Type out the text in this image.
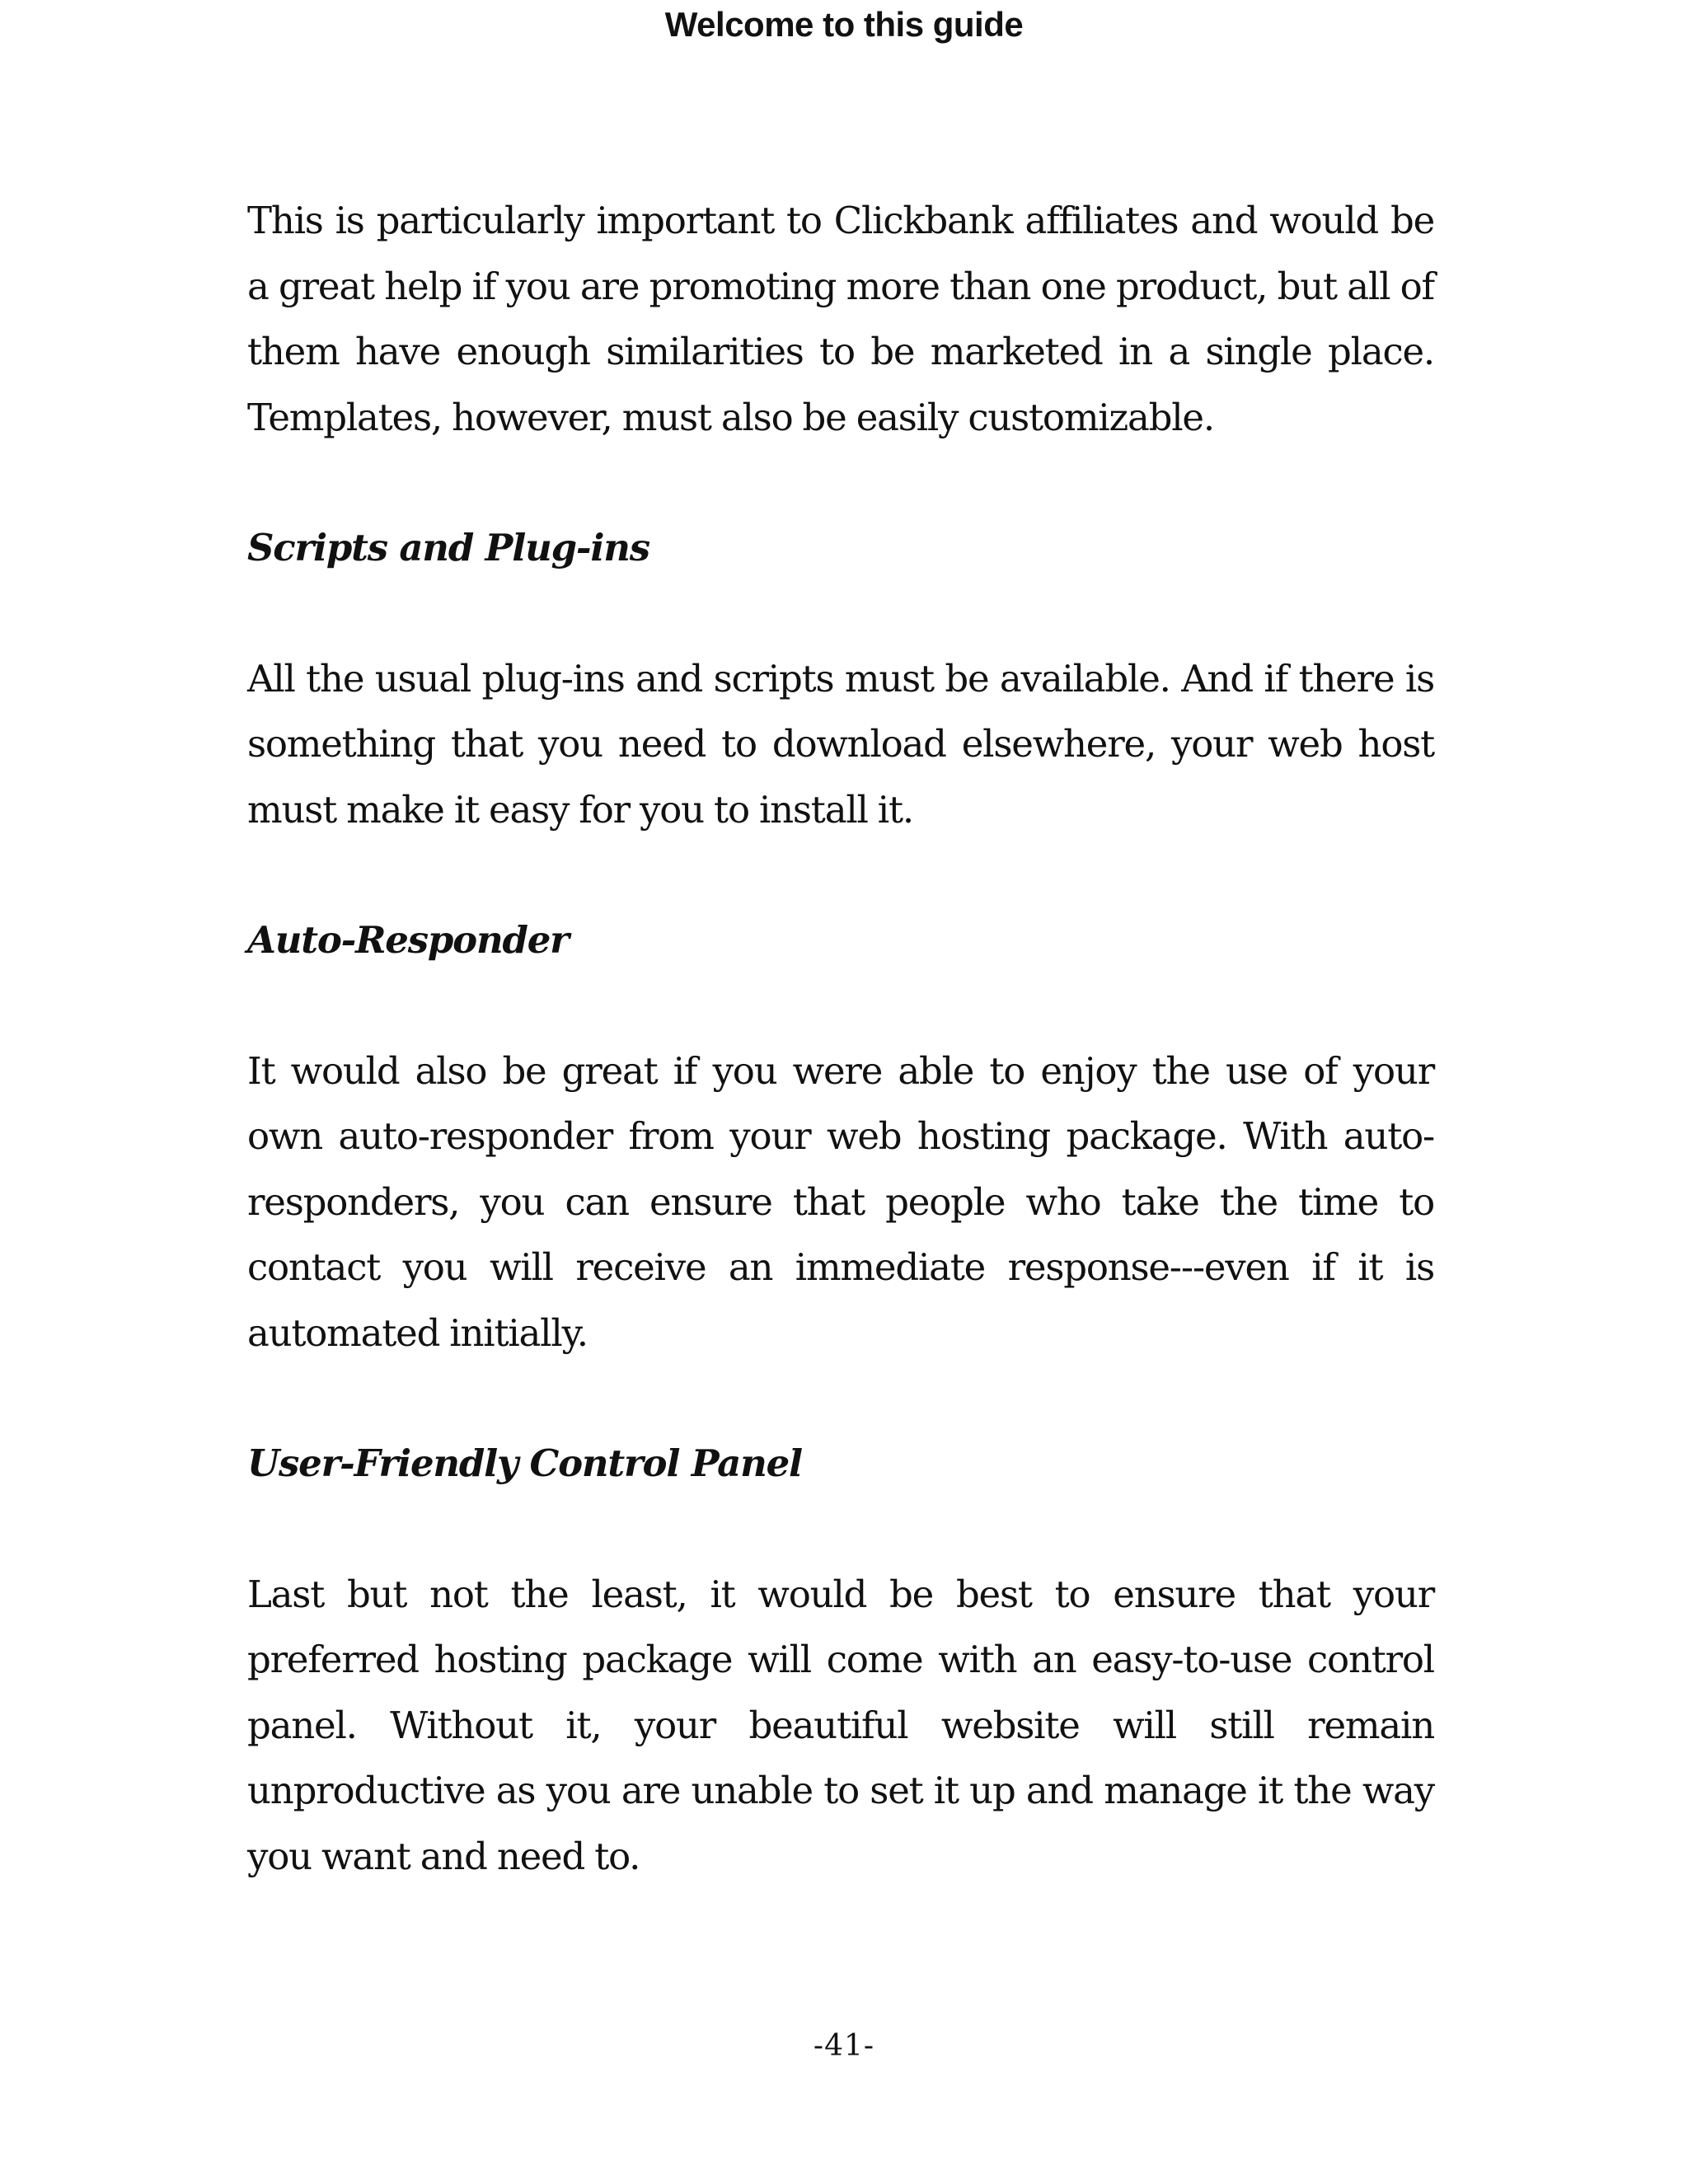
Welcome to this guide

This is particularly important to Clickbank affiliates and would be a great help if you are promoting more than one product, but all of them have enough similarities to be marketed in a single place. Templates, however, must also be easily customizable.

Scripts and Plug-ins

All the usual plug-ins and scripts must be available. And if there is something that you need to download elsewhere, your web host must make it easy for you to install it.

Auto-Responder

It would also be great if you were able to enjoy the use of your own auto-responder from your web hosting package. With auto-responders, you can ensure that people who take the time to contact you will receive an immediate response---even if it is automated initially.

User-Friendly Control Panel

Last but not the least, it would be best to ensure that your preferred hosting package will come with an easy-to-use control panel. Without it, your beautiful website will still remain unproductive as you are unable to set it up and manage it the way you want and need to.

-41-
